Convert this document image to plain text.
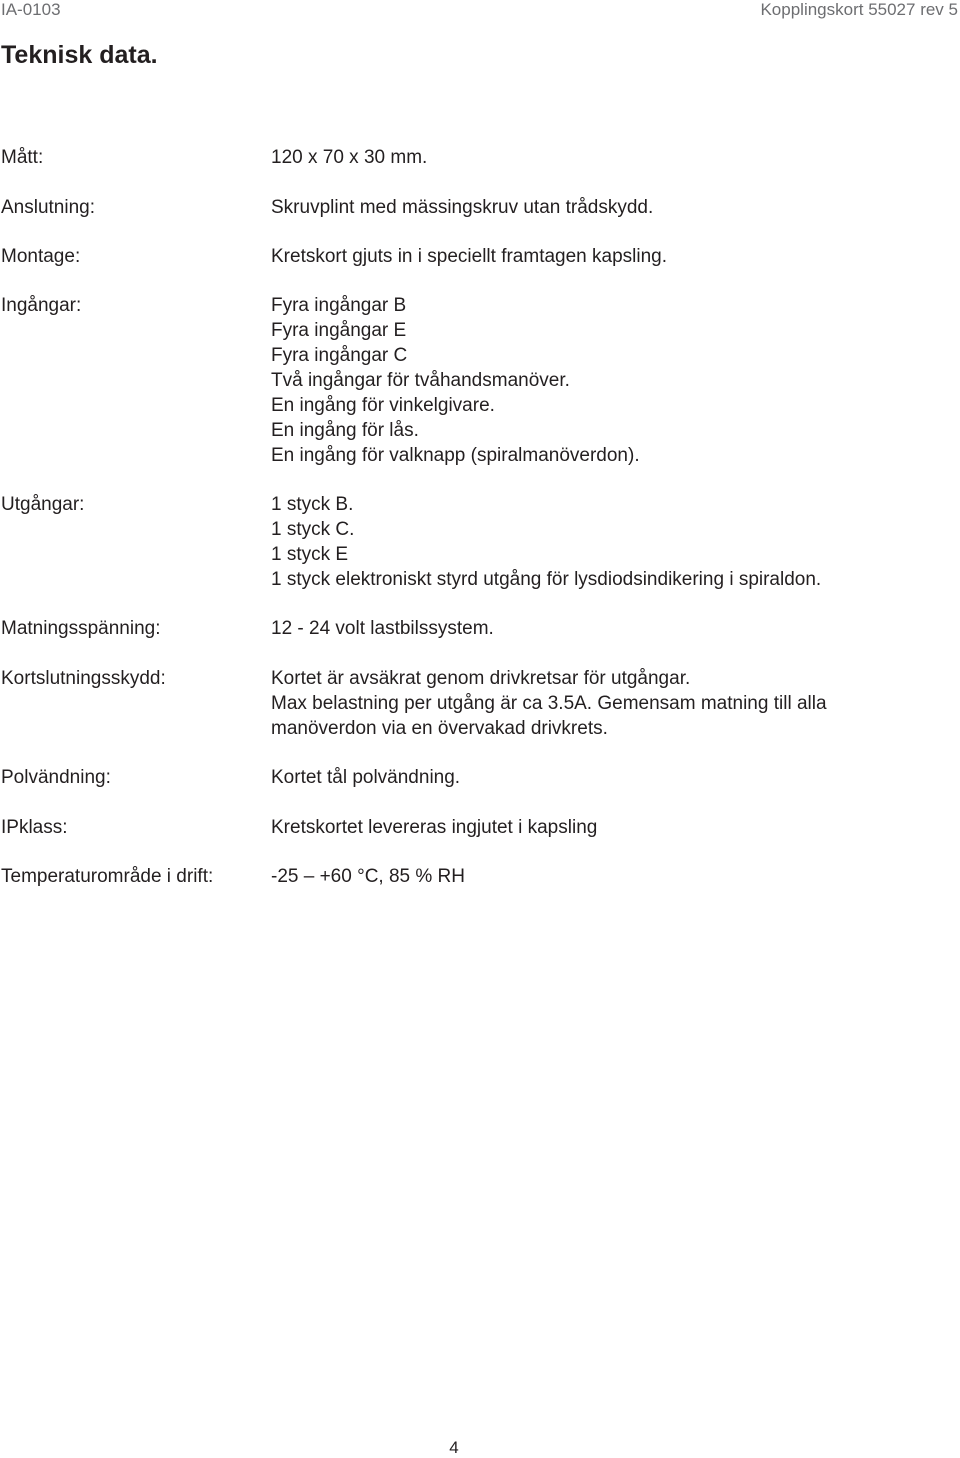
IA-0103	Kopplingskort 55027 rev 5
Teknisk data.
Mått:	120 x 70 x 30 mm.
Anslutning:	Skruvplint med mässingskruv utan trådskydd.
Montage:	Kretskort gjuts in i speciellt framtagen kapsling.
Ingångar:	Fyra ingångar B
Fyra ingångar E
Fyra ingångar C
Två ingångar för tvåhandsmanöver.
En ingång för vinkelgivare.
En ingång för lås.
En ingång för valknapp (spiralmanöverdon).
Utgångar:	1 styck B.
1 styck C.
1 styck E
1 styck elektroniskt styrd utgång för lysdiodsindikering i spiraldon.
Matningsspänning:	12 - 24 volt lastbilssystem.
Kortslutningsskydd:	Kortet är avsäkrat genom drivkretsar för utgångar.
Max belastning per utgång är ca 3.5A. Gemensam matning till alla
manöverdon via en övervakad drivkrets.
Polvändning:	Kortet tål polvändning.
IPklass:	Kretskortet levereras ingjutet i kapsling
Temperaturområde i drift:	-25 – +60 °C, 85 % RH
4
